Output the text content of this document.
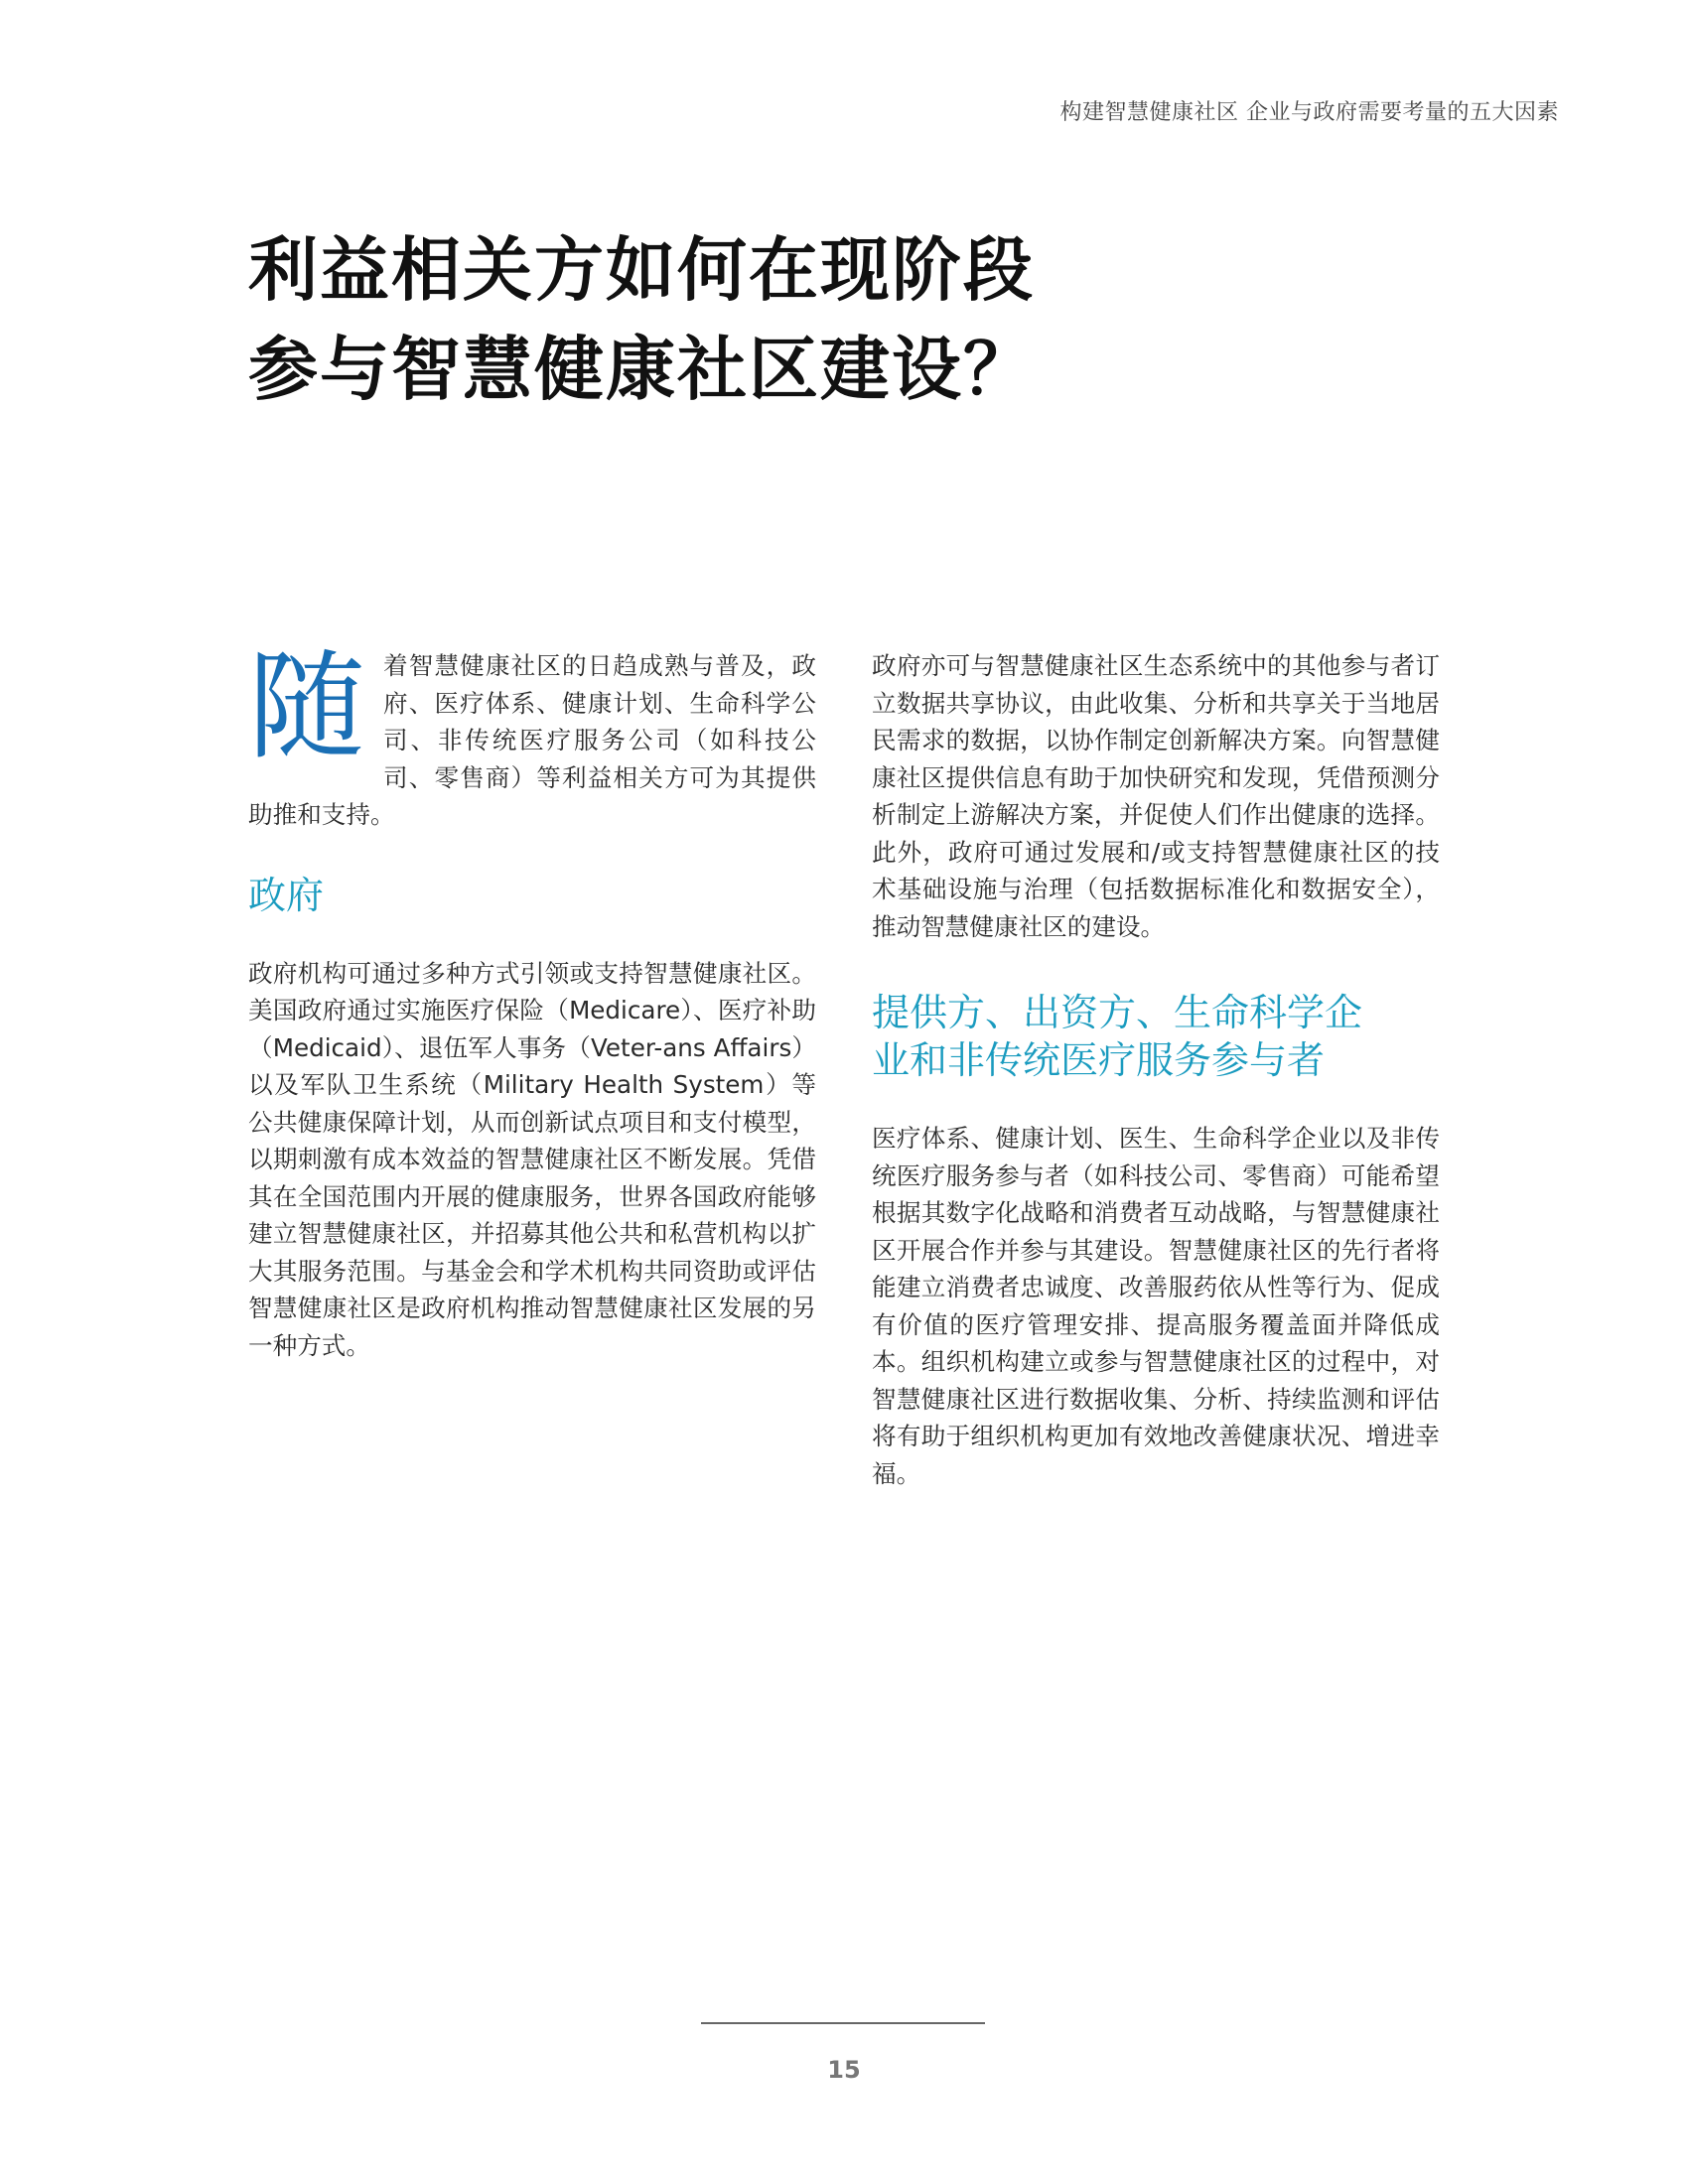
构建智慧健康社区 企业与政府需要考量的五大因素
利益相关方如何在现阶段
参与智慧健康社区建设？

随着智慧健康社区的日趋成熟与普及，政府、医疗体系、健康计划、生命科学公司、非传统医疗服务公司（如科技公司、零售商）等利益相关方可为其提供助推和支持。

政府

政府机构可通过多种方式引领或支持智慧健康社区。美国政府通过实施医疗保险（Medicare）、医疗补助（Medicaid）、退伍军人事务（Veter-ans Affairs）以及军队卫生系统（Military Health System）等公共健康保障计划，从而创新试点项目和支付模型，以期刺激有成本效益的智慧健康社区不断发展。凭借其在全国范围内开展的健康服务，世界各国政府能够建立智慧健康社区，并招募其他公共和私营机构以扩大其服务范围。与基金会和学术机构共同资助或评估智慧健康社区是政府机构推动智慧健康社区发展的另一种方式。

政府亦可与智慧健康社区生态系统中的其他参与者订立数据共享协议，由此收集、分析和共享关于当地居民需求的数据，以协作制定创新解决方案。向智慧健康社区提供信息有助于加快研究和发现，凭借预测分析制定上游解决方案，并促使人们作出健康的选择。此外，政府可通过发展和/或支持智慧健康社区的技术基础设施与治理（包括数据标准化和数据安全），推动智慧健康社区的建设。

提供方、出资方、生命科学企
业和非传统医疗服务参与者

医疗体系、健康计划、医生、生命科学企业以及非传统医疗服务参与者（如科技公司、零售商）可能希望根据其数字化战略和消费者互动战略，与智慧健康社区开展合作并参与其建设。智慧健康社区的先行者将能建立消费者忠诚度、改善服药依从性等行为、促成有价值的医疗管理安排、提高服务覆盖面并降低成本。组织机构建立或参与智慧健康社区的过程中，对智慧健康社区进行数据收集、分析、持续监测和评估将有助于组织机构更加有效地改善健康状况、增进幸福。

15
